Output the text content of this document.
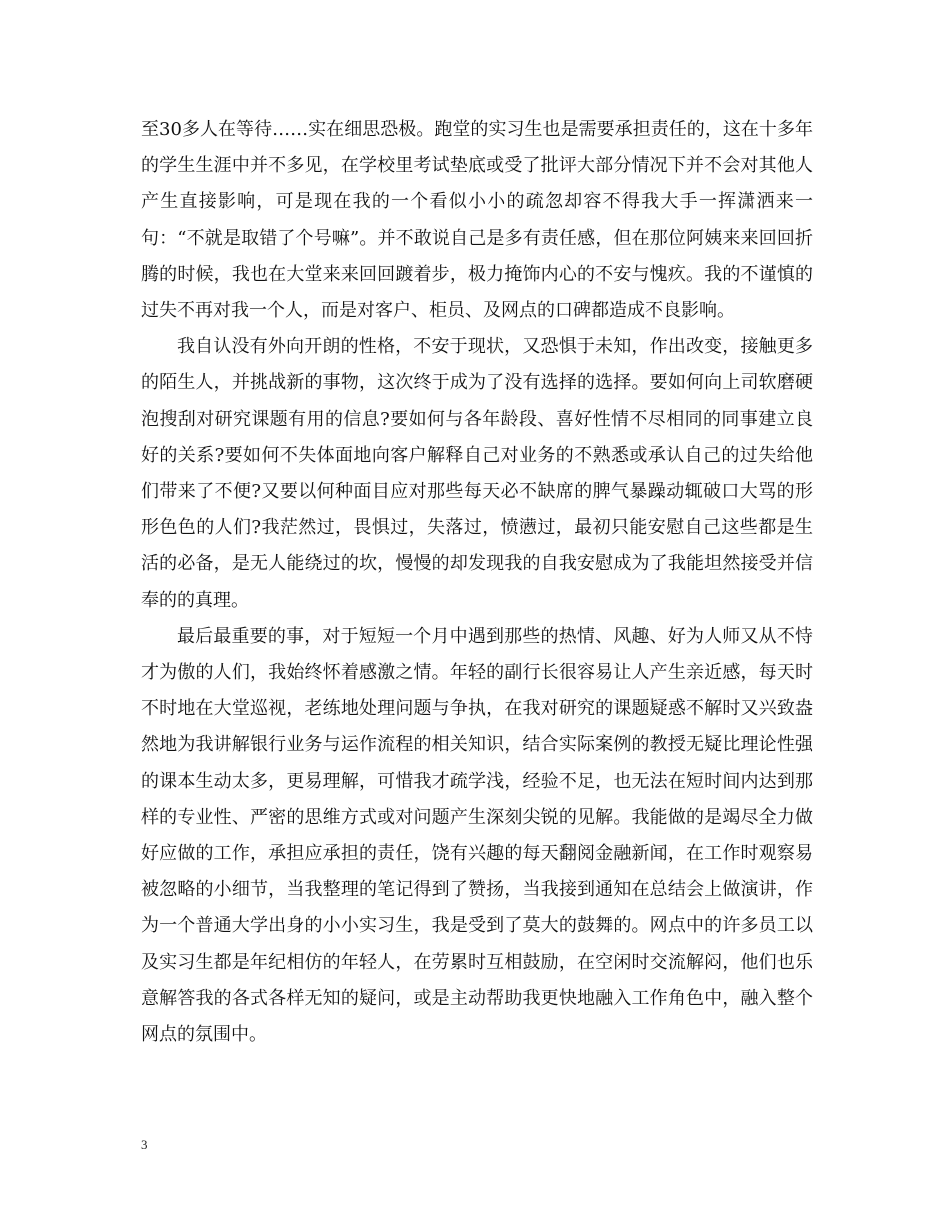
至30多人在等待……实在细思恐极。跑堂的实习生也是需要承担责任的，这在十多年的学生生涯中并不多见，在学校里考试垫底或受了批评大部分情况下并不会对其他人产生直接影响，可是现在我的一个看似小小的疏忽却容不得我大手一挥潇洒来一句：“不就是取错了个号嘛”。并不敢说自己是多有责任感，但在那位阿姨来来回回折腾的时候，我也在大堂来来回回踱着步，极力掩饰内心的不安与愧疚。我的不谨慎的过失不再对我一个人，而是对客户、柜员、及网点的口碑都造成不良影响。

我自认没有外向开朗的性格，不安于现状，又恐惧于未知，作出改变，接触更多的陌生人，并挑战新的事物，这次终于成为了没有选择的选择。要如何向上司软磨硬泡搜刮对研究课题有用的信息?要如何与各年龄段、喜好性情不尽相同的同事建立良好的关系?要如何不失体面地向客户解释自己对业务的不熟悉或承认自己的过失给他们带来了不便?又要以何种面目应对那些每天必不缺席的脾气暴躁动辄破口大骂的形形色色的人们?我茫然过，畏惧过，失落过，愤懑过，最初只能安慰自己这些都是生活的必备，是无人能绕过的坎，慢慢的却发现我的自我安慰成为了我能坦然接受并信奉的的真理。

最后最重要的事，对于短短一个月中遇到那些的热情、风趣、好为人师又从不恃才为傲的人们，我始终怀着感激之情。年轻的副行长很容易让人产生亲近感，每天时不时地在大堂巡视，老练地处理问题与争执，在我对研究的课题疑惑不解时又兴致盎然地为我讲解银行业务与运作流程的相关知识，结合实际案例的教授无疑比理论性强的课本生动太多，更易理解，可惜我才疏学浅，经验不足，也无法在短时间内达到那样的专业性、严密的思维方式或对问题产生深刻尖锐的见解。我能做的是竭尽全力做好应做的工作，承担应承担的责任，饶有兴趣的每天翻阅金融新闻，在工作时观察易被忽略的小细节，当我整理的笔记得到了赞扬，当我接到通知在总结会上做演讲，作为一个普通大学出身的小小实习生，我是受到了莫大的鼓舞的。网点中的许多员工以及实习生都是年纪相仿的年轻人，在劳累时互相鼓励，在空闲时交流解闷，他们也乐意解答我的各式各样无知的疑问，或是主动帮助我更快地融入工作角色中，融入整个网点的氛围中。

3
